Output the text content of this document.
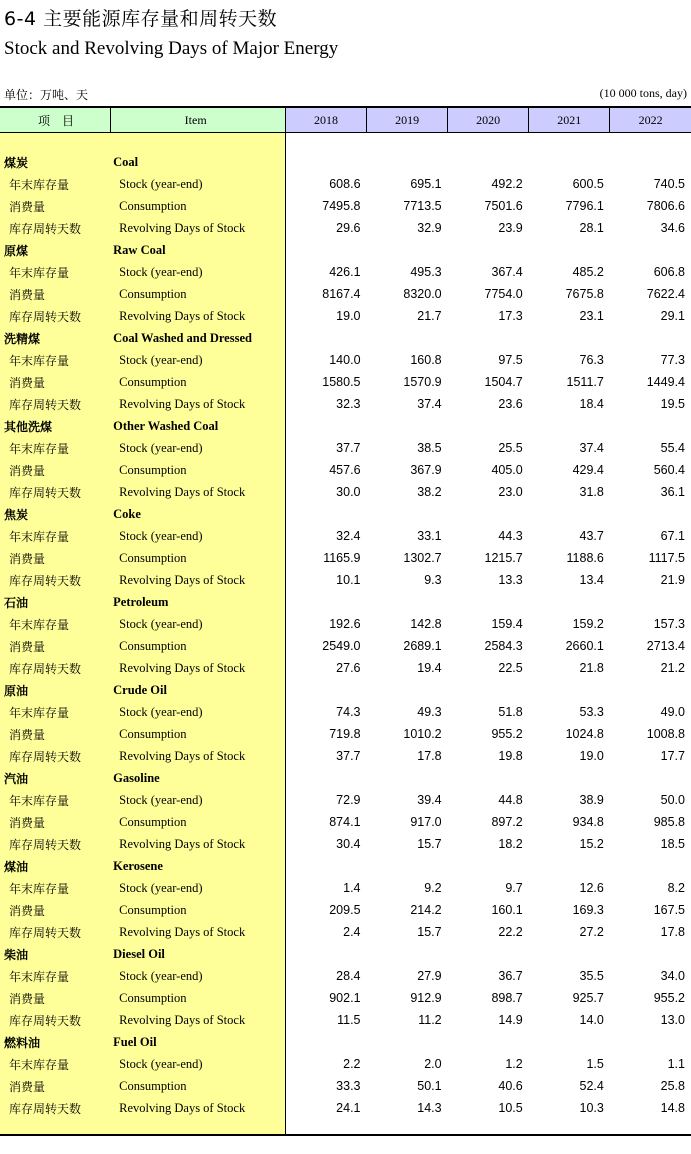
6-4 主要能源库存量和周转天数
Stock and Revolving Days of Major Energy
单位：万吨、天	(10 000 tons, day)
项　目	Item	2018	2019	2020	2021	2022

煤炭	Coal					
年末库存量	Stock (year-end)	608.6	695.1	492.2	600.5	740.5
消费量	Consumption	7495.8	7713.5	7501.6	7796.1	7806.6
库存周转天数	Revolving Days of Stock	29.6	32.9	23.9	28.1	34.6
原煤	Raw Coal					
年末库存量	Stock (year-end)	426.1	495.3	367.4	485.2	606.8
消费量	Consumption	8167.4	8320.0	7754.0	7675.8	7622.4
库存周转天数	Revolving Days of Stock	19.0	21.7	17.3	23.1	29.1
洗精煤	Coal Washed and Dressed					
年末库存量	Stock (year-end)	140.0	160.8	97.5	76.3	77.3
消费量	Consumption	1580.5	1570.9	1504.7	1511.7	1449.4
库存周转天数	Revolving Days of Stock	32.3	37.4	23.6	18.4	19.5
其他洗煤	Other Washed Coal					
年末库存量	Stock (year-end)	37.7	38.5	25.5	37.4	55.4
消费量	Consumption	457.6	367.9	405.0	429.4	560.4
库存周转天数	Revolving Days of Stock	30.0	38.2	23.0	31.8	36.1
焦炭	Coke					
年末库存量	Stock (year-end)	32.4	33.1	44.3	43.7	67.1
消费量	Consumption	1165.9	1302.7	1215.7	1188.6	1117.5
库存周转天数	Revolving Days of Stock	10.1	9.3	13.3	13.4	21.9
石油	Petroleum					
年末库存量	Stock (year-end)	192.6	142.8	159.4	159.2	157.3
消费量	Consumption	2549.0	2689.1	2584.3	2660.1	2713.4
库存周转天数	Revolving Days of Stock	27.6	19.4	22.5	21.8	21.2
原油	Crude Oil					
年末库存量	Stock (year-end)	74.3	49.3	51.8	53.3	49.0
消费量	Consumption	719.8	1010.2	955.2	1024.8	1008.8
库存周转天数	Revolving Days of Stock	37.7	17.8	19.8	19.0	17.7
汽油	Gasoline					
年末库存量	Stock (year-end)	72.9	39.4	44.8	38.9	50.0
消费量	Consumption	874.1	917.0	897.2	934.8	985.8
库存周转天数	Revolving Days of Stock	30.4	15.7	18.2	15.2	18.5
煤油	Kerosene					
年末库存量	Stock (year-end)	1.4	9.2	9.7	12.6	8.2
消费量	Consumption	209.5	214.2	160.1	169.3	167.5
库存周转天数	Revolving Days of Stock	2.4	15.7	22.2	27.2	17.8
柴油	Diesel Oil					
年末库存量	Stock (year-end)	28.4	27.9	36.7	35.5	34.0
消费量	Consumption	902.1	912.9	898.7	925.7	955.2
库存周转天数	Revolving Days of Stock	11.5	11.2	14.9	14.0	13.0
燃料油	Fuel Oil					
年末库存量	Stock (year-end)	2.2	2.0	1.2	1.5	1.1
消费量	Consumption	33.3	50.1	40.6	52.4	25.8
库存周转天数	Revolving Days of Stock	24.1	14.3	10.5	10.3	14.8
